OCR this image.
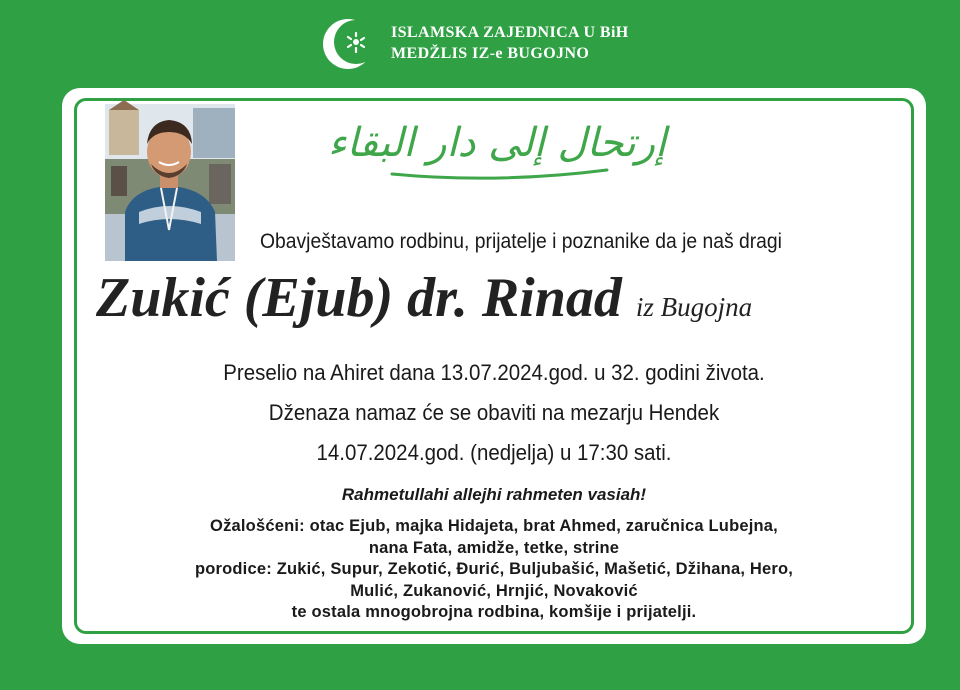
ISLAMSKA ZAJEDNICA U BiH
MEDŽLIS IZ-e BUGOJNO
إرتحال إلى دار البقاء
Obavještavamo rodbinu, prijatelje i poznanike da je naš dragi
Zukić (Ejub) dr. Rinad iz Bugojna
Preselio na Ahiret dana 13.07.2024.god. u 32. godini života.
Dženaza namaz će se obaviti na mezarju Hendek
14.07.2024.god. (nedjelja) u 17:30 sati.
Rahmetullahi allejhi rahmeten vasiah!
Ožalošćeni: otac Ejub, majka Hidajeta, brat Ahmed, zaručnica Lubejna,
nana Fata, amidže, tetke, strine
porodice: Zukić, Supur, Zekotić, Đurić, Buljubašić, Mašetić, Džihana, Hero,
Mulić, Zukanović, Hrnjić, Novaković
te ostala mnogobrojna rodbina, komšije i prijatelji.
